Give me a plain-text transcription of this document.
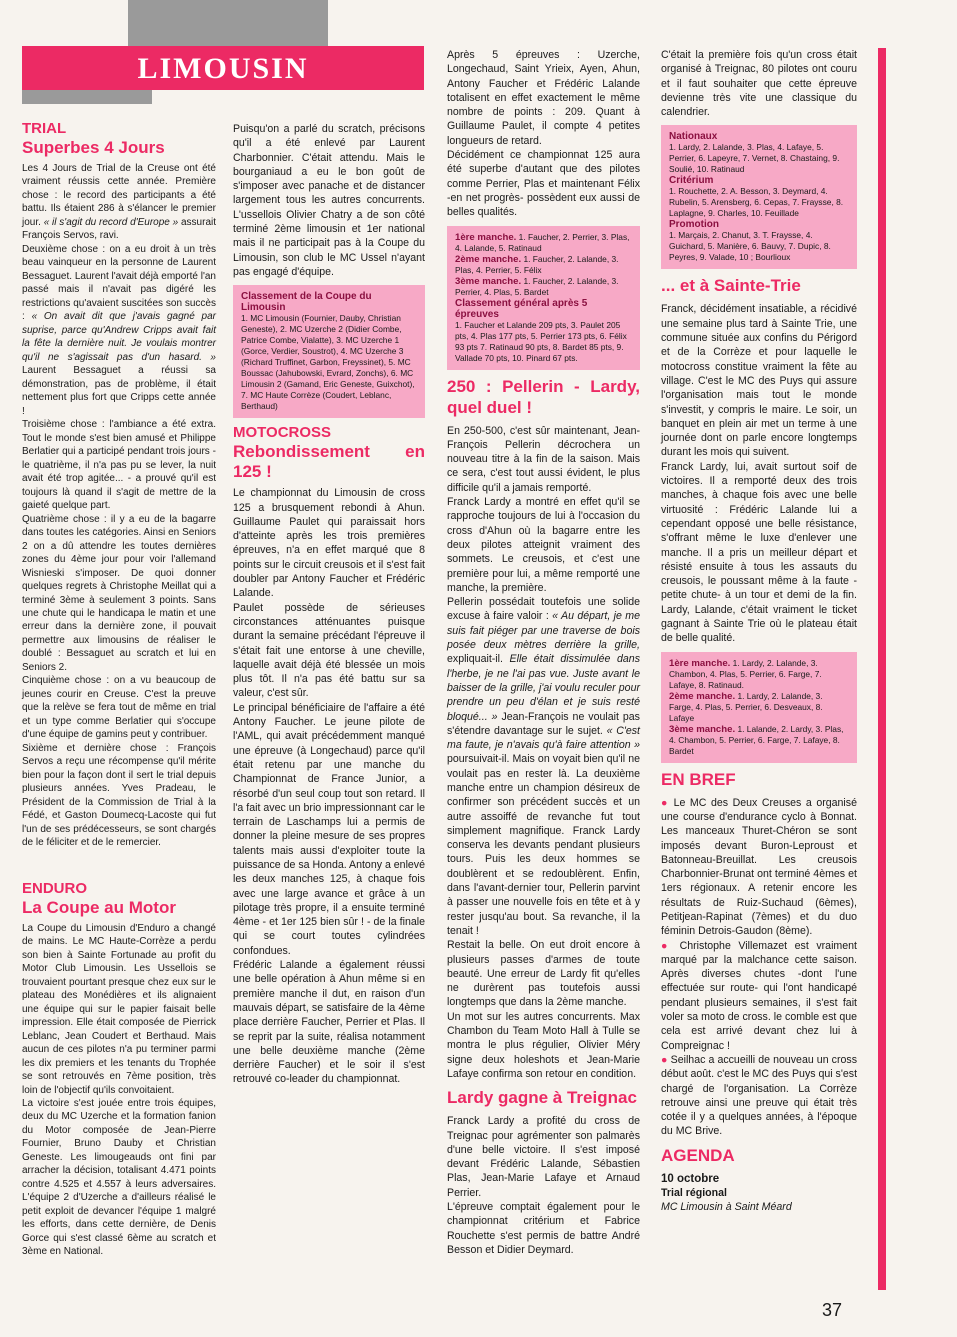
LIMOUSIN
TRIAL
Superbes 4 Jours

Les 4 Jours de Trial de la Creuse ont été vraiment réussis cette année. Première chose : le record des participants a été battu. Ils étaient 286 à s'élancer le premier jour. « il s'agit du record d'Europe » assurait François Servos, ravi.

Deuxième chose : on a eu droit à un très beau vainqueur en la personne de Laurent Bessaguet. Laurent l'avait déjà emporté l'an passé mais il n'avait pas digéré les restrictions qu'avaient suscitées son succès : « On avait dit que j'avais gagné par suprise, parce qu'Andrew Cripps avait fait la fête la dernière nuit. Je voulais montrer qu'il ne s'agissait pas d'un hasard. » Laurent Bessaguet a réussi sa démonstration, pas de problème, il était nettement plus fort que Cripps cette année !

Troisième chose : l'ambiance a été extra. Tout le monde s'est bien amusé et Philippe Berlatier qui a participé pendant trois jours -le quatrième, il n'a pas pu se lever, la nuit avait été trop agitée... - a prouvé qu'il est toujours là quand il s'agit de mettre de la gaieté quelque part.

Quatrième chose : il y a eu de la bagarre dans toutes les catégories. Ainsi en Seniors 2 on a dû attendre les toutes dernières zones du 4ème jour pour voir l'allemand Wisnieski s'imposer. De quoi donner quelques regrets à Christophe Meillat qui a terminé 3ème à seulement 3 points. Sans une chute qui le handicapa le matin et une erreur dans la dernière zone, il pouvait permettre aux limousins de réaliser le doublé : Bessaguet au scratch et lui en Seniors 2.

Cinquième chose : on a vu beaucoup de jeunes courir en Creuse. C'est la preuve que la relève se fera tout de même en trial et un type comme Berlatier qui s'occupe d'une équipe de gamins peut y contribuer.

Sixième et dernière chose : François Servos a reçu une récompense qu'il mérite bien pour la façon dont il sert le trial depuis plusieurs années. Yves Pradeau, le Président de la Commission de Trial à la Fédé, et Gaston Doumecq-Lacoste qui fut l'un de ses prédécesseurs, se sont chargés de le féliciter et de le remercier.

ENDURO
La Coupe au Motor

La Coupe du Limousin d'Enduro a changé de mains. Le MC Haute-Corrèze a perdu son bien à Sainte Fortunade au profit du Motor Club Limousin. Les Ussellois se trouvaient pourtant presque chez eux sur le plateau des Monédières et ils alignaient une équipe qui sur le papier faisait belle impression. Elle était composée de Pierrick Leblanc, Jean Coudert et Berthaud. Mais aucun de ces pilotes n'a pu terminer parmi les dix premiers et les tenants du Trophée se sont retrouvés en 7ème position, très loin de l'objectif qu'ils convoitaient.

La victoire s'est jouée entre trois équipes, deux du MC Uzerche et la formation fanion du Motor composée de Jean-Pierre Fournier, Bruno Dauby et Christian Geneste. Les limougeauds ont fini par arracher la décision, totalisant 4.471 points contre 4.525 et 4.557 à leurs adversaires. L'équipe 2 d'Uzerche a d'ailleurs réalisé le petit exploit de devancer l'équipe 1 malgré les efforts, dans cette dernière, de Denis Gorce qui s'est classé 6ème au scratch et 3ème en National.

Puisqu'on a parlé du scratch, précisons qu'il a été enlevé par Laurent Charbonnier. C'était attendu. Mais le bourganiaud a eu le bon goût de s'imposer avec panache et de distancer largement tous les autres concurrents. L'ussellois Olivier Chatry a de son côté terminé 2ème limousin et 1er national mais il ne participait pas à la Coupe du Limousin, son club le MC Ussel n'ayant pas engagé d'équipe.

Classement de la Coupe du Limousin
1. MC Limousin (Fournier, Dauby, Christian Geneste), 2. MC Uzerche 2 (Didier Combe, Patrice Combe, Vialatte), 3. MC Uzerche 1 (Gorce, Verdier, Soustrot), 4. MC Uzerche 3 (Richard Truffinet, Garbon, Freyssinet), 5. MC Boussac (Jahubowski, Evrard, Zonchs), 6. MC Limousin 2 (Gamand, Eric Geneste, Guixchot), 7. MC Haute Corrèze (Coudert, Leblanc, Berthaud)
MOTOCROSS
Rebondissement en 125 !

Le championnat du Limousin de cross 125 a brusquement rebondi à Ahun. Guillaume Paulet qui paraissait hors d'atteinte après les trois premières épreuves, n'a en effet marqué que 8 points sur le circuit creusois et il s'est fait doubler par Antony Faucher et Frédéric Lalande.

Paulet possède de sérieuses circonstances atténuantes puisque durant la semaine précédant l'épreuve il s'était fait une entorse à une cheville, laquelle avait déjà été blessée un mois plus tôt. Il n'a pas été battu sur sa valeur, c'est sûr.

Le principal bénéficiaire de l'affaire a été Antony Faucher. Le jeune pilote de l'AML, qui avait précédemment manqué une épreuve (à Longechaud) parce qu'il était retenu par une manche du Championnat de France Junior, a résorbé d'un seul coup tout son retard. Il l'a fait avec un brio impressionnant car le terrain de Laschamps lui a permis de donner la pleine mesure de ses propres talents mais aussi d'exploiter toute la puissance de sa Honda. Antony a enlevé les deux manches 125, à chaque fois avec une large avance et grâce à un pilotage très propre, il a ensuite terminé 4ème - et 1er 125 bien sûr ! - de la finale qui se court toutes cylindrées confondues.

Frédéric Lalande a également réussi une belle opération à Ahun même si en première manche il dut, en raison d'un mauvais départ, se satisfaire de la 4ème place derrière Faucher, Perrier et Plas. Il se reprit par la suite, réalisa notamment une belle deuxième manche (2ème derrière Faucher) et le soir il s'est retrouvé co-leader du championnat.

Après 5 épreuves : Uzerche, Longechaud, Saint Yrieix, Ayen, Ahun, Antony Faucher et Frédéric Lalande totalisent en effet exactement le même nombre de points : 209. Quant à Guillaume Paulet, il compte 4 petites longueurs de retard.

Décidément ce championnat 125 aura été superbe d'autant que des pilotes comme Perrier, Plas et maintenant Félix -en net progrès- possèdent eux aussi de belles qualités.

1ère manche. 1. Faucher, 2. Perrier, 3. Plas, 4. Lalande, 5. Ratinaud
2ème manche. 1. Faucher, 2. Lalande, 3. Plas, 4. Perrier, 5. Félix
3ème manche. 1. Faucher, 2. Lalande, 3. Perrier, 4. Plas, 5. Bardet
Classement général après 5 épreuves
1. Faucher et Lalande 209 pts, 3. Paulet 205 pts, 4. Plas 177 pts, 5. Perrier 173 pts, 6. Félix 93 pts 7. Ratinaud 90 pts, 8. Bardet 85 pts, 9. Vallade 70 pts, 10. Pinard 67 pts.
250 : Pellerin - Lardy, quel duel !

En 250-500, c'est sûr maintenant, Jean-François Pellerin décrochera un nouveau titre à la fin de la saison. Mais ce sera, c'est tout aussi évident, le plus difficile qu'il a jamais remporté.

Franck Lardy a montré en effet qu'il se rapproche toujours de lui à l'occasion du cross d'Ahun où la bagarre entre les deux pilotes atteignit vraiment des sommets. Le creusois, et c'est une première pour lui, a même remporté une manche, la première.

Pellerin possédait toutefois une solide excuse à faire valoir : « Au départ, je me suis fait piéger par une traverse de bois posée deux mètres derrière la grille, expliquait-il. Elle était dissimulée dans l'herbe, je ne l'ai pas vue. Juste avant le baisser de la grille, j'ai voulu reculer pour prendre un peu d'élan et je suis resté bloqué... » Jean-François ne voulait pas s'étendre davantage sur le sujet. « C'est ma faute, je n'avais qu'à faire attention » poursuivait-il. Mais on voyait bien qu'il ne voulait pas en rester là. La deuxième manche entre un champion désireux de confirmer son précédent succès et un autre assoiffé de revanche fut tout simplement magnifique. Franck Lardy conserva les devants pendant plusieurs tours. Puis les deux hommes se doublèrent et se redoublèrent. Enfin, dans l'avant-dernier tour, Pellerin parvint à passer une nouvelle fois en tête et à y rester jusqu'au bout. Sa revanche, il la tenait !

Restait la belle. On eut droit encore à plusieurs passes d'armes de toute beauté. Une erreur de Lardy fit qu'elles ne durèrent pas toutefois aussi longtemps que dans la 2ème manche.

Un mot sur les autres concurrents. Max Chambon du Team Moto Hall à Tulle se montra le plus régulier, Olivier Méry signe deux holeshots et Jean-Marie Lafaye confirma son retour en condition.

Lardy gagne à Treignac

Franck Lardy a profité du cross de Treignac pour agrémenter son palmarès d'une belle victoire. Il s'est imposé devant Frédéric Lalande, Sébastien Plas, Jean-Marie Lafaye et Arnaud Perrier.

L'épreuve comptait également pour le championnat critérium et Fabrice Rouchette s'est permis de battre André Besson et Didier Deymard.

C'était la première fois qu'un cross était organisé à Treignac, 80 pilotes ont couru et il faut souhaiter que cette épreuve devienne très vite une classique du calendrier.

Nationaux
1. Lardy, 2. Lalande, 3. Plas, 4. Lafaye, 5. Perrier, 6. Lapeyre, 7. Vernet, 8. Chastaing, 9. Soulié, 10. Ratinaud
Critérium
1. Rouchette, 2. A. Besson, 3. Deymard, 4. Rubelin, 5. Arensberg, 6. Cepas, 7. Fraysse, 8. Laplagne, 9. Charles, 10. Feuillade
Promotion
1. Marçais, 2. Chanut, 3. T. Fraysse, 4. Guichard, 5. Manière, 6. Bauvy, 7. Dupic, 8. Peyres, 9. Valade, 10 ; Bourlioux
... et à Sainte-Trie

Franck, décidément insatiable, a récidivé une semaine plus tard à Sainte Trie, une commune située aux confins du Périgord et de la Corrèze et pour laquelle le motocross constitue vraiment la fête au village. C'est le MC des Puys qui assure l'organisation mais tout le monde s'investit, y compris le maire. Le soir, un banquet en plein air met un terme à une journée dont on parle encore longtemps durant les mois qui suivent.

Franck Lardy, lui, avait surtout soif de victoires. Il a remporté deux des trois manches, à chaque fois avec une belle virtuosité : Frédéric Lalande lui a cependant opposé une belle résistance, s'offrant même le luxe d'enlever une manche. Il a pris un meilleur départ et résisté ensuite à tous les assauts du creusois, le poussant même à la faute -petite chute- à un tour et demi de la fin. Lardy, Lalande, c'était vraiment le ticket gagnant à Sainte Trie où le plateau était de belle qualité.

1ère manche. 1. Lardy, 2. Lalande, 3. Chambon, 4. Plas, 5. Perrier, 6. Farge, 7. Lafaye, 8. Ratinaud.
2ème manche. 1. Lardy, 2. Lalande, 3. Farge, 4. Plas, 5. Perrier, 6. Desveaux, 8. Lafaye
3ème manche. 1. Lalande, 2. Lardy, 3. Plas, 4. Chambon, 5. Perrier, 6. Farge, 7. Lafaye, 8. Bardet
EN BREF

● Le MC des Deux Creuses a organisé une course d'endurance cyclo à Bonnat. Les manceaux Thuret-Chéron se sont imposés devant Buron-Leproust et Batonneau-Breuillat. Les creusois Charbonnier-Brunat ont terminé 4èmes et 1ers régionaux. A retenir encore les résultats de Ruiz-Suchaud (6èmes), Petitjean-Rapinat (7èmes) et du duo féminin Detrois-Gaudon (8ème).

● Christophe Villemazet est vraiment marqué par la malchance cette saison. Après diverses chutes -dont l'une effectuée sur route- qui l'ont handicapé pendant plusieurs semaines, il s'est fait voler sa moto de cross. le comble est que cela est arrivé devant chez lui à Compreignac !

● Seilhac a accueilli de nouveau un cross début août. c'est le MC des Puys qui s'est chargé de l'organisation. La Corrèze retrouve ainsi une preuve qui était très cotée il y a quelques années, à l'époque du MC Brive.

AGENDA
10 octobre
Trial régional
MC Limousin à Saint Méard
37
